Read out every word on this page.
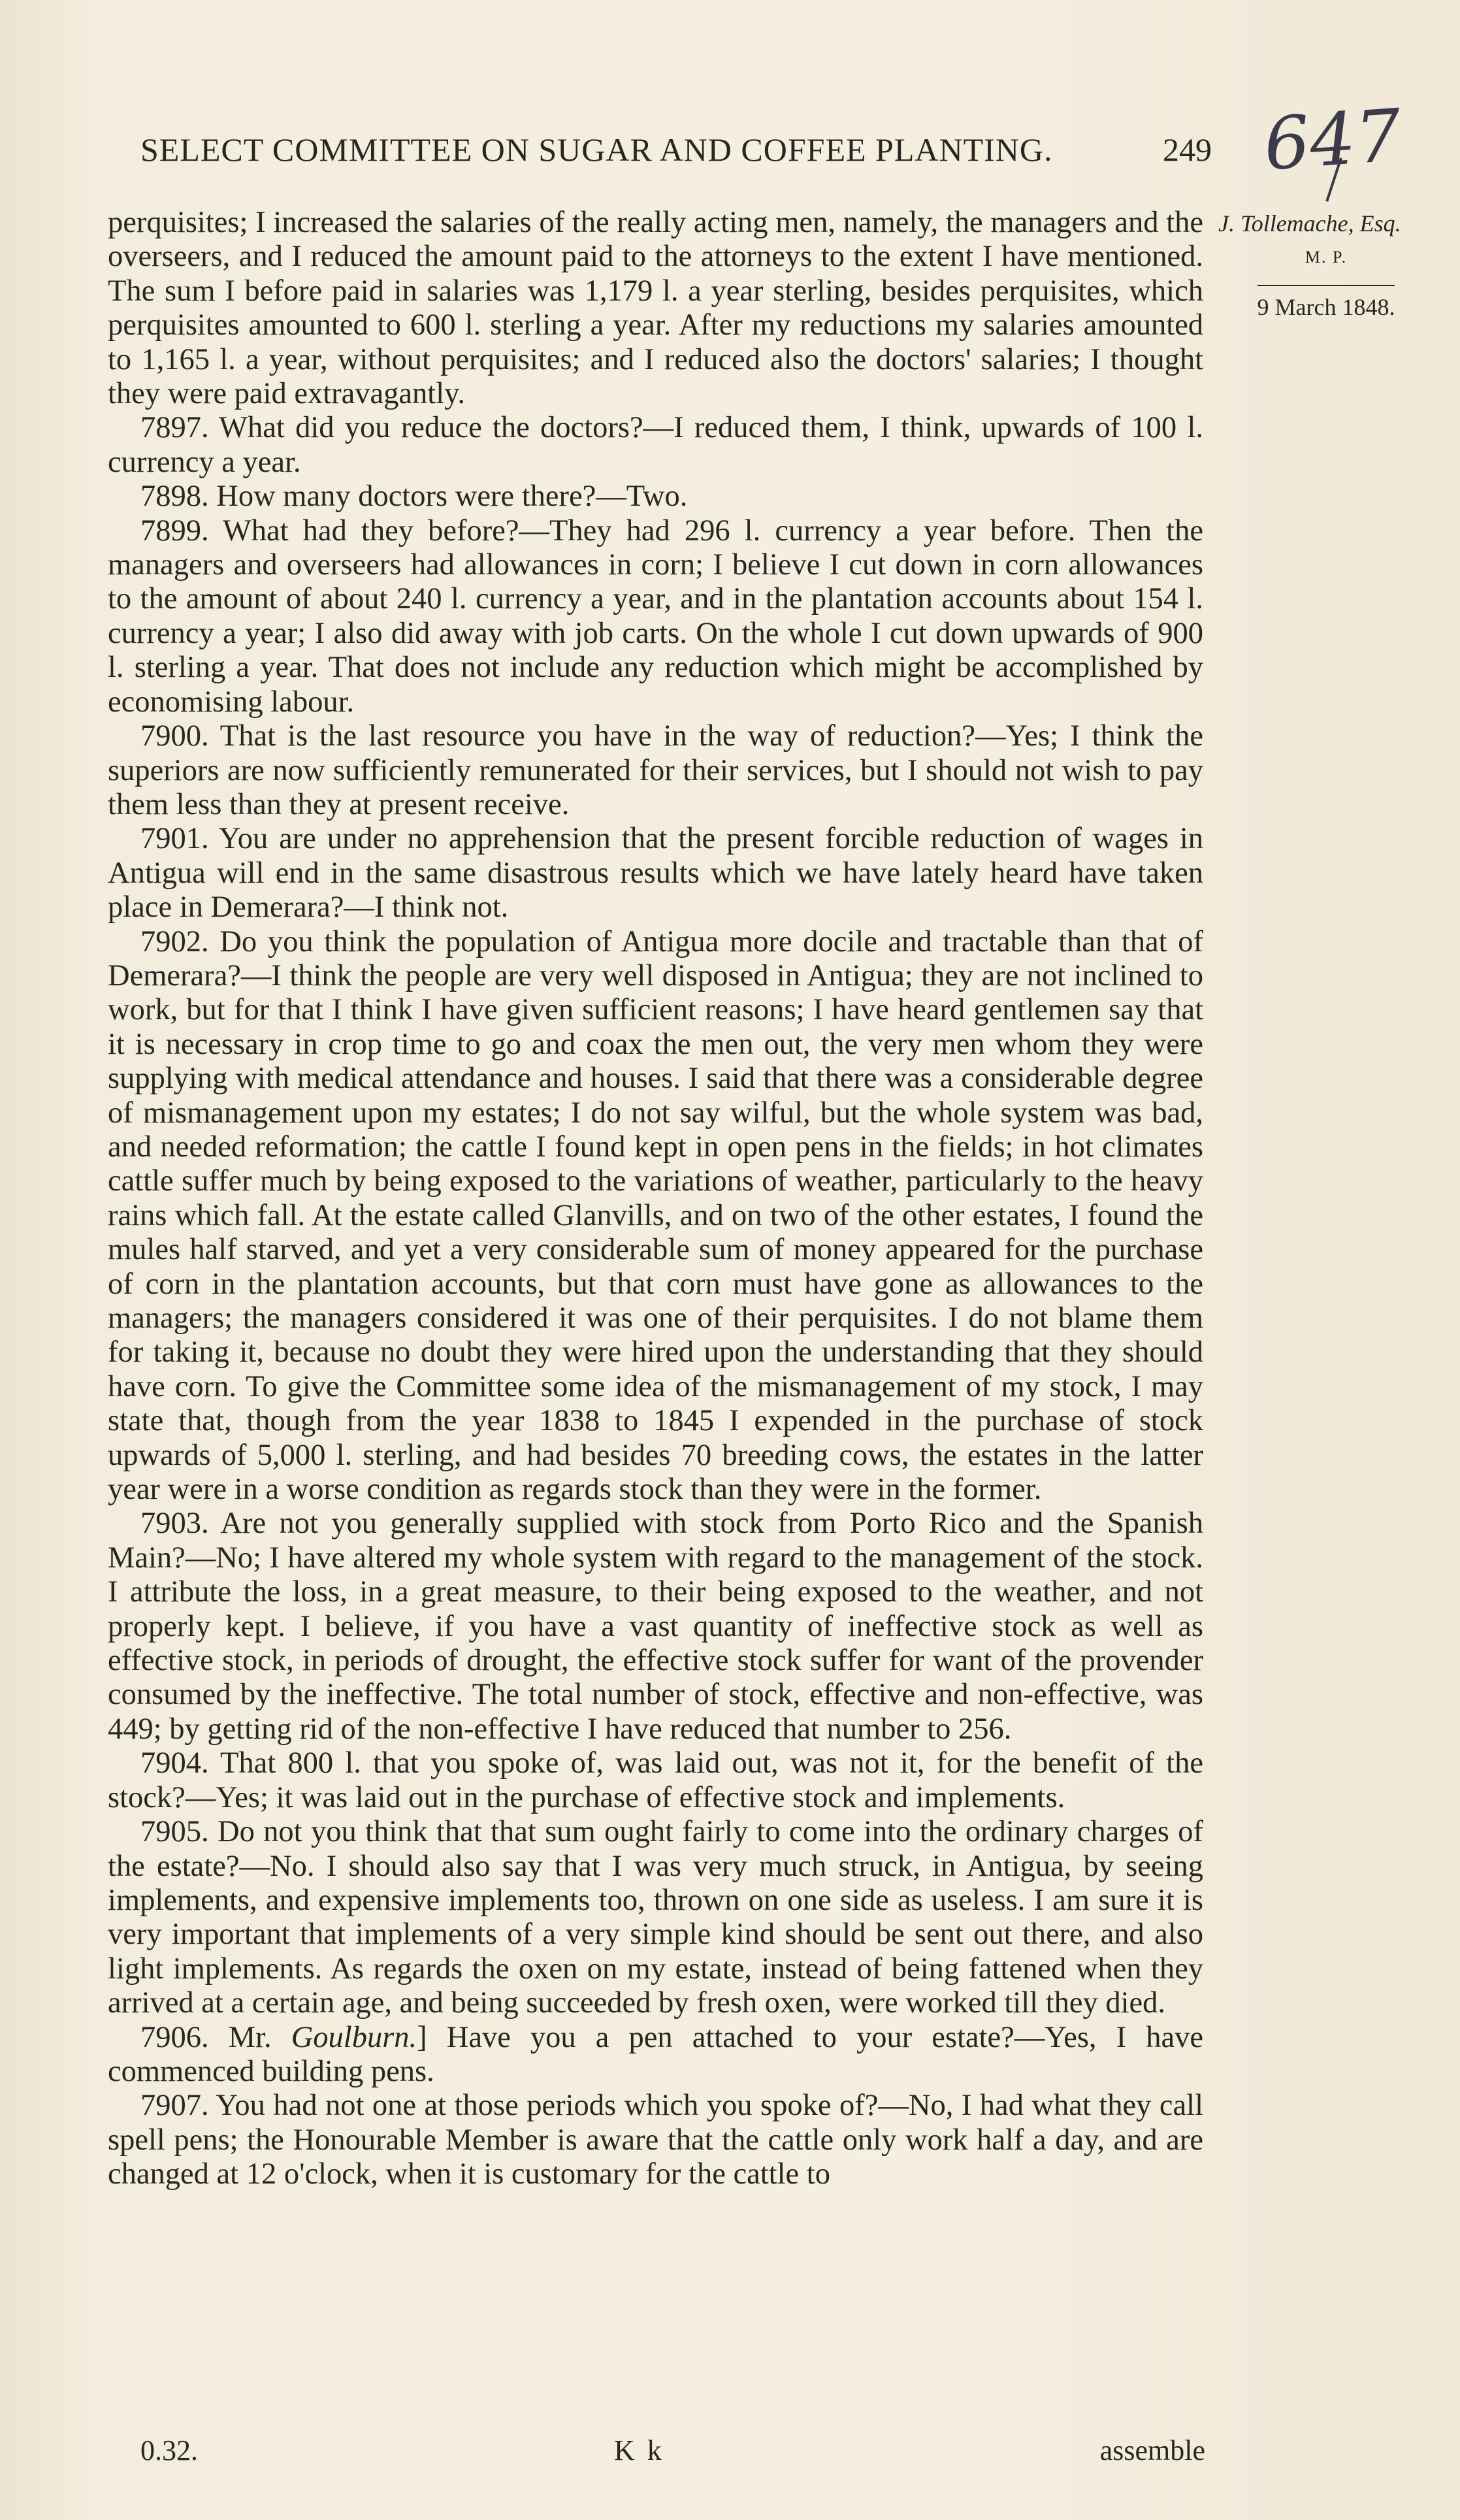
SELECT COMMITTEE ON SUGAR AND COFFEE PLANTING.	249 647
J. Tollemache, Esq.
M. P.
9 March 1848.

perquisites; I increased the salaries of the really acting men, namely, the managers and the overseers, and I reduced the amount paid to the attorneys to the extent I have mentioned. The sum I before paid in salaries was 1,179 l. a year sterling, besides perquisites, which perquisites amounted to 600 l. sterling a year. After my reductions my salaries amounted to 1,165 l. a year, without perquisites; and I reduced also the doctors' salaries; I thought they were paid extravagantly.

7897. What did you reduce the doctors?—I reduced them, I think, upwards of 100 l. currency a year.

7898. How many doctors were there?—Two.

7899. What had they before?—They had 296 l. currency a year before. Then the managers and overseers had allowances in corn; I believe I cut down in corn allowances to the amount of about 240 l. currency a year, and in the plantation accounts about 154 l. currency a year; I also did away with job carts. On the whole I cut down upwards of 900 l. sterling a year. That does not include any reduction which might be accomplished by economising labour.

7900. That is the last resource you have in the way of reduction?—Yes; I think the superiors are now sufficiently remunerated for their services, but I should not wish to pay them less than they at present receive.

7901. You are under no apprehension that the present forcible reduction of wages in Antigua will end in the same disastrous results which we have lately heard have taken place in Demerara?—I think not.

7902. Do you think the population of Antigua more docile and tractable than that of Demerara?—I think the people are very well disposed in Antigua; they are not inclined to work, but for that I think I have given sufficient reasons; I have heard gentlemen say that it is necessary in crop time to go and coax the men out, the very men whom they were supplying with medical attendance and houses. I said that there was a considerable degree of mismanagement upon my estates; I do not say wilful, but the whole system was bad, and needed reformation; the cattle I found kept in open pens in the fields; in hot climates cattle suffer much by being exposed to the variations of weather, particularly to the heavy rains which fall. At the estate called Glanvills, and on two of the other estates, I found the mules half starved, and yet a very considerable sum of money appeared for the purchase of corn in the plantation accounts, but that corn must have gone as allowances to the managers; the managers considered it was one of their perquisites. I do not blame them for taking it, because no doubt they were hired upon the understanding that they should have corn. To give the Committee some idea of the mismanagement of my stock, I may state that, though from the year 1838 to 1845 I expended in the purchase of stock upwards of 5,000 l. sterling, and had besides 70 breeding cows, the estates in the latter year were in a worse condition as regards stock than they were in the former.

7903. Are not you generally supplied with stock from Porto Rico and the Spanish Main?—No; I have altered my whole system with regard to the management of the stock. I attribute the loss, in a great measure, to their being exposed to the weather, and not properly kept. I believe, if you have a vast quantity of ineffective stock as well as effective stock, in periods of drought, the effective stock suffer for want of the provender consumed by the ineffective. The total number of stock, effective and non-effective, was 449; by getting rid of the non-effective I have reduced that number to 256.

7904. That 800 l. that you spoke of, was laid out, was not it, for the benefit of the stock?—Yes; it was laid out in the purchase of effective stock and implements.

7905. Do not you think that that sum ought fairly to come into the ordinary charges of the estate?—No. I should also say that I was very much struck, in Antigua, by seeing implements, and expensive implements too, thrown on one side as useless. I am sure it is very important that implements of a very simple kind should be sent out there, and also light implements. As regards the oxen on my estate, instead of being fattened when they arrived at a certain age, and being succeeded by fresh oxen, were worked till they died.

7906. Mr. Goulburn.] Have you a pen attached to your estate?—Yes, I have commenced building pens.

7907. You had not one at those periods which you spoke of?—No, I had what they call spell pens; the Honourable Member is aware that the cattle only work half a day, and are changed at 12 o'clock, when it is customary for the cattle to

0.32.	K k	assemble
